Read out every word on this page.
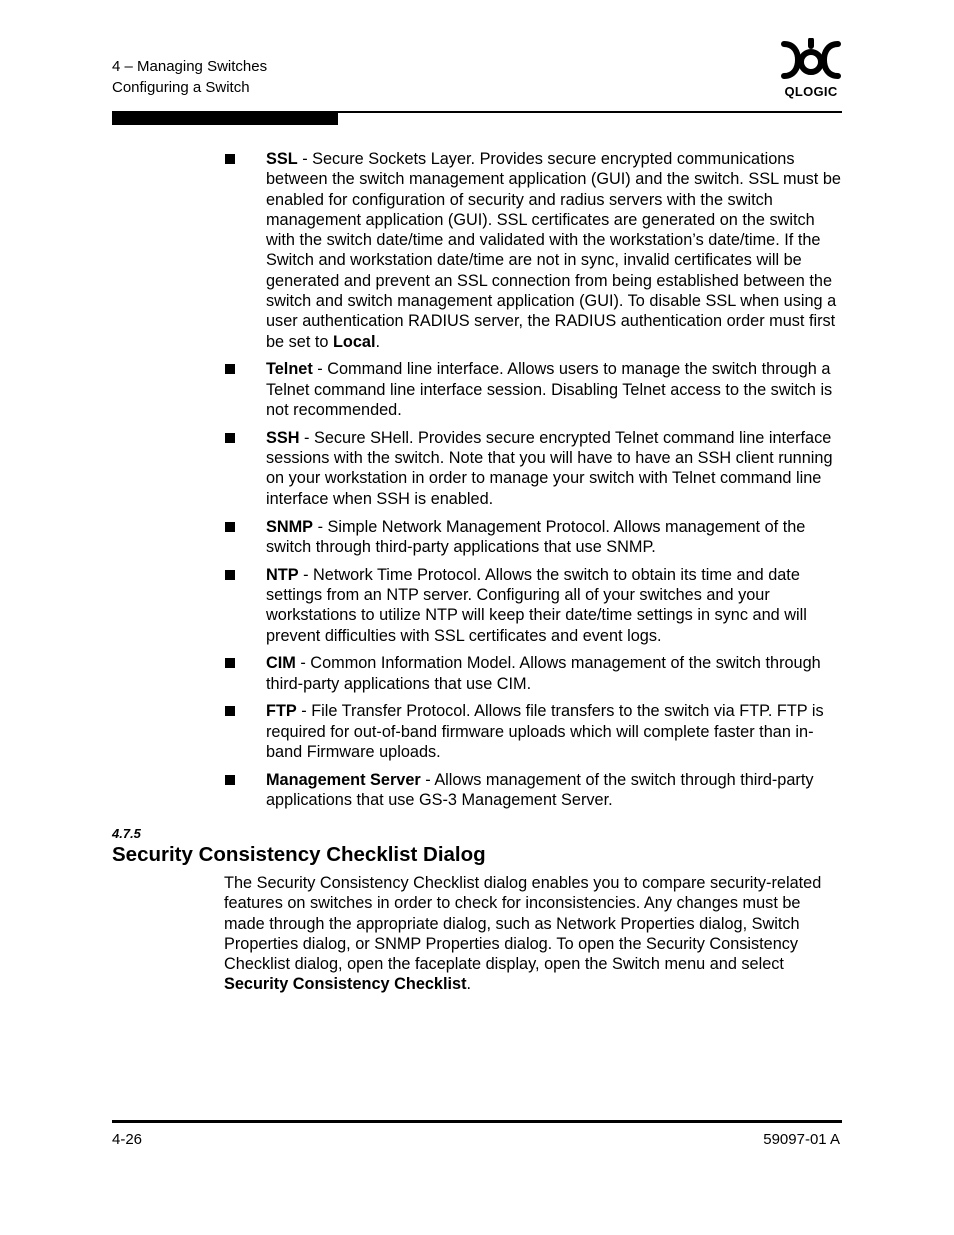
4 – Managing Switches
Configuring a Switch	QLOGIC
SSL - Secure Sockets Layer. Provides secure encrypted communications between the switch management application (GUI) and the switch. SSL must be enabled for configuration of security and radius servers with the switch management application (GUI). SSL certificates are generated on the switch with the switch date/time and validated with the workstation’s date/time. If the Switch and workstation date/time are not in sync, invalid certificates will be generated and prevent an SSL connection from being established between the switch and switch management application (GUI). To disable SSL when using a user authentication RADIUS server, the RADIUS authentication order must first be set to Local.
Telnet - Command line interface. Allows users to manage the switch through a Telnet command line interface session. Disabling Telnet access to the switch is not recommended.
SSH - Secure SHell. Provides secure encrypted Telnet command line interface sessions with the switch. Note that you will have to have an SSH client running on your workstation in order to manage your switch with Telnet command line interface when SSH is enabled.
SNMP - Simple Network Management Protocol. Allows management of the switch through third-party applications that use SNMP.
NTP - Network Time Protocol. Allows the switch to obtain its time and date settings from an NTP server. Configuring all of your switches and your workstations to utilize NTP will keep their date/time settings in sync and will prevent difficulties with SSL certificates and event logs.
CIM - Common Information Model. Allows management of the switch through third-party applications that use CIM.
FTP - File Transfer Protocol. Allows file transfers to the switch via FTP. FTP is required for out-of-band firmware uploads which will complete faster than in-band Firmware uploads.
Management Server - Allows management of the switch through third-party applications that use GS-3 Management Server.
4.7.5
Security Consistency Checklist Dialog

The Security Consistency Checklist dialog enables you to compare security-related features on switches in order to check for inconsistencies. Any changes must be made through the appropriate dialog, such as Network Properties dialog, Switch Properties dialog, or SNMP Properties dialog. To open the Security Consistency Checklist dialog, open the faceplate display, open the Switch menu and select Security Consistency Checklist.

4-26	59097-01 A
